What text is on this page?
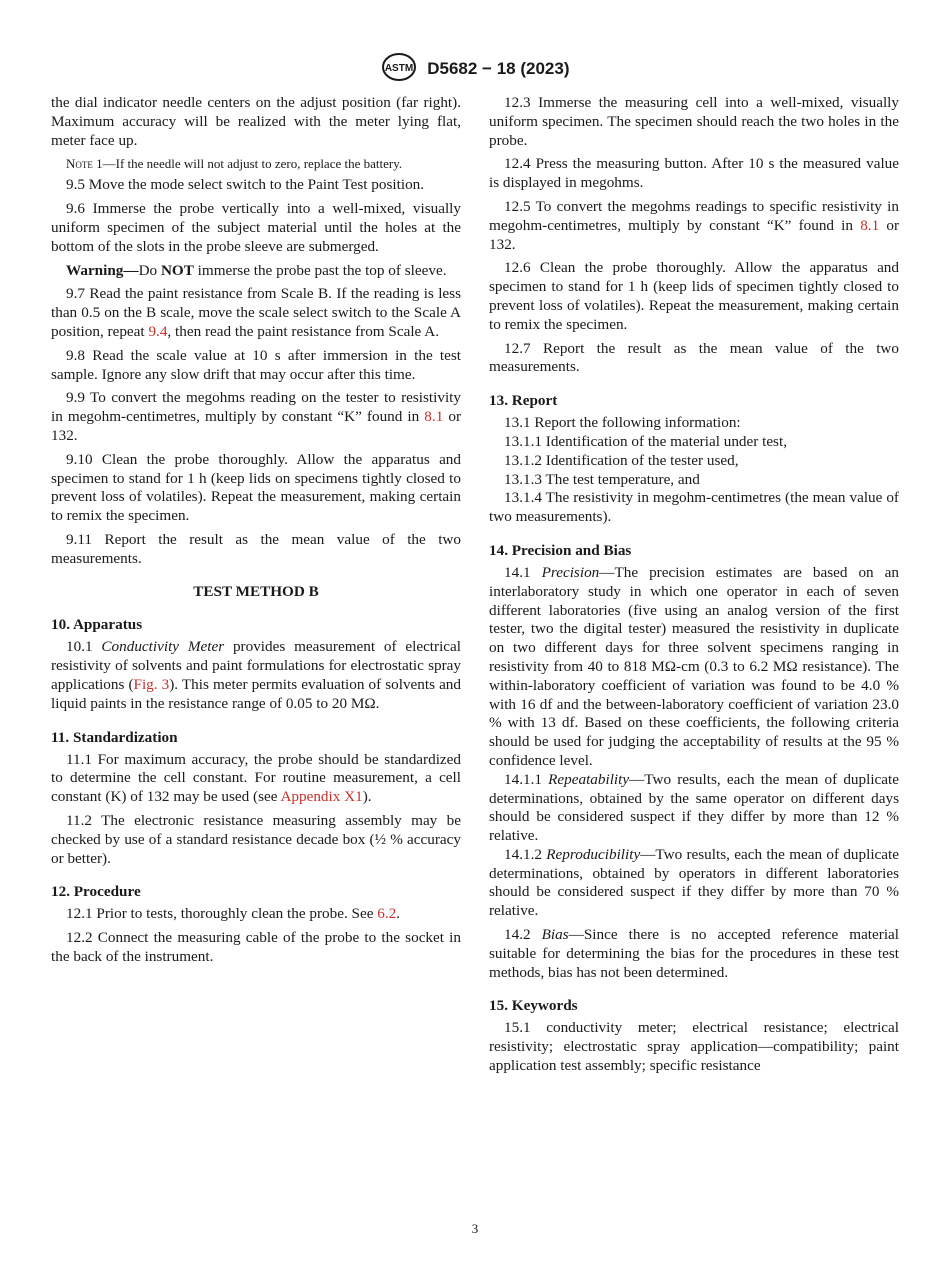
ASTM D5682 − 18 (2023)

the dial indicator needle centers on the adjust position (far right). Maximum accuracy will be realized with the meter lying flat, meter face up.

Note 1—If the needle will not adjust to zero, replace the battery.

9.5 Move the mode select switch to the Paint Test position.

9.6 Immerse the probe vertically into a well-mixed, visually uniform specimen of the subject material until the holes at the bottom of the slots in the probe sleeve are submerged.

Warning—Do NOT immerse the probe past the top of sleeve.

9.7 Read the paint resistance from Scale B. If the reading is less than 0.5 on the B scale, move the scale select switch to the Scale A position, repeat 9.4, then read the paint resistance from Scale A.

9.8 Read the scale value at 10 s after immersion in the test sample. Ignore any slow drift that may occur after this time.

9.9 To convert the megohms reading on the tester to resistivity in megohm-centimetres, multiply by constant “K” found in 8.1 or 132.

9.10 Clean the probe thoroughly. Allow the apparatus and specimen to stand for 1 h (keep lids on specimens tightly closed to prevent loss of volatiles). Repeat the measurement, making certain to remix the specimen.

9.11 Report the result as the mean value of the two measurements.

TEST METHOD B
10. Apparatus

10.1 Conductivity Meter provides measurement of electrical resistivity of solvents and paint formulations for electrostatic spray applications (Fig. 3). This meter permits evaluation of solvents and liquid paints in the resistance range of 0.05 to 20 MΩ.

11. Standardization

11.1 For maximum accuracy, the probe should be standardized to determine the cell constant. For routine measurement, a cell constant (K) of 132 may be used (see Appendix X1).

11.2 The electronic resistance measuring assembly may be checked by use of a standard resistance decade box (½ % accuracy or better).

12. Procedure

12.1 Prior to tests, thoroughly clean the probe. See 6.2.

12.2 Connect the measuring cable of the probe to the socket in the back of the instrument.

12.3 Immerse the measuring cell into a well-mixed, visually uniform specimen. The specimen should reach the two holes in the probe.

12.4 Press the measuring button. After 10 s the measured value is displayed in megohms.

12.5 To convert the megohms readings to specific resistivity in megohm-centimetres, multiply by constant “K” found in 8.1 or 132.

12.6 Clean the probe thoroughly. Allow the apparatus and specimen to stand for 1 h (keep lids of specimen tightly closed to prevent loss of volatiles). Repeat the measurement, making certain to remix the specimen.

12.7 Report the result as the mean value of the two measurements.

13. Report

13.1 Report the following information:

13.1.1 Identification of the material under test,

13.1.2 Identification of the tester used,

13.1.3 The test temperature, and

13.1.4 The resistivity in megohm-centimetres (the mean value of two measurements).

14. Precision and Bias

14.1 Precision—The precision estimates are based on an interlaboratory study in which one operator in each of seven different laboratories (five using an analog version of the first tester, two the digital tester) measured the resistivity in duplicate on two different days for three solvent specimens ranging in resistivity from 40 to 818 MΩ-cm (0.3 to 6.2 MΩ resistance). The within-laboratory coefficient of variation was found to be 4.0 % with 16 df and the between-laboratory coefficient of variation 23.0 % with 13 df. Based on these coefficients, the following criteria should be used for judging the acceptability of results at the 95 % confidence level.

14.1.1 Repeatability—Two results, each the mean of duplicate determinations, obtained by the same operator on different days should be considered suspect if they differ by more than 12 % relative.

14.1.2 Reproducibility—Two results, each the mean of duplicate determinations, obtained by operators in different laboratories should be considered suspect if they differ by more than 70 % relative.

14.2 Bias—Since there is no accepted reference material suitable for determining the bias for the procedures in these test methods, bias has not been determined.

15. Keywords

15.1 conductivity meter; electrical resistance; electrical resistivity; electrostatic spray application—compatibility; paint application test assembly; specific resistance

3
